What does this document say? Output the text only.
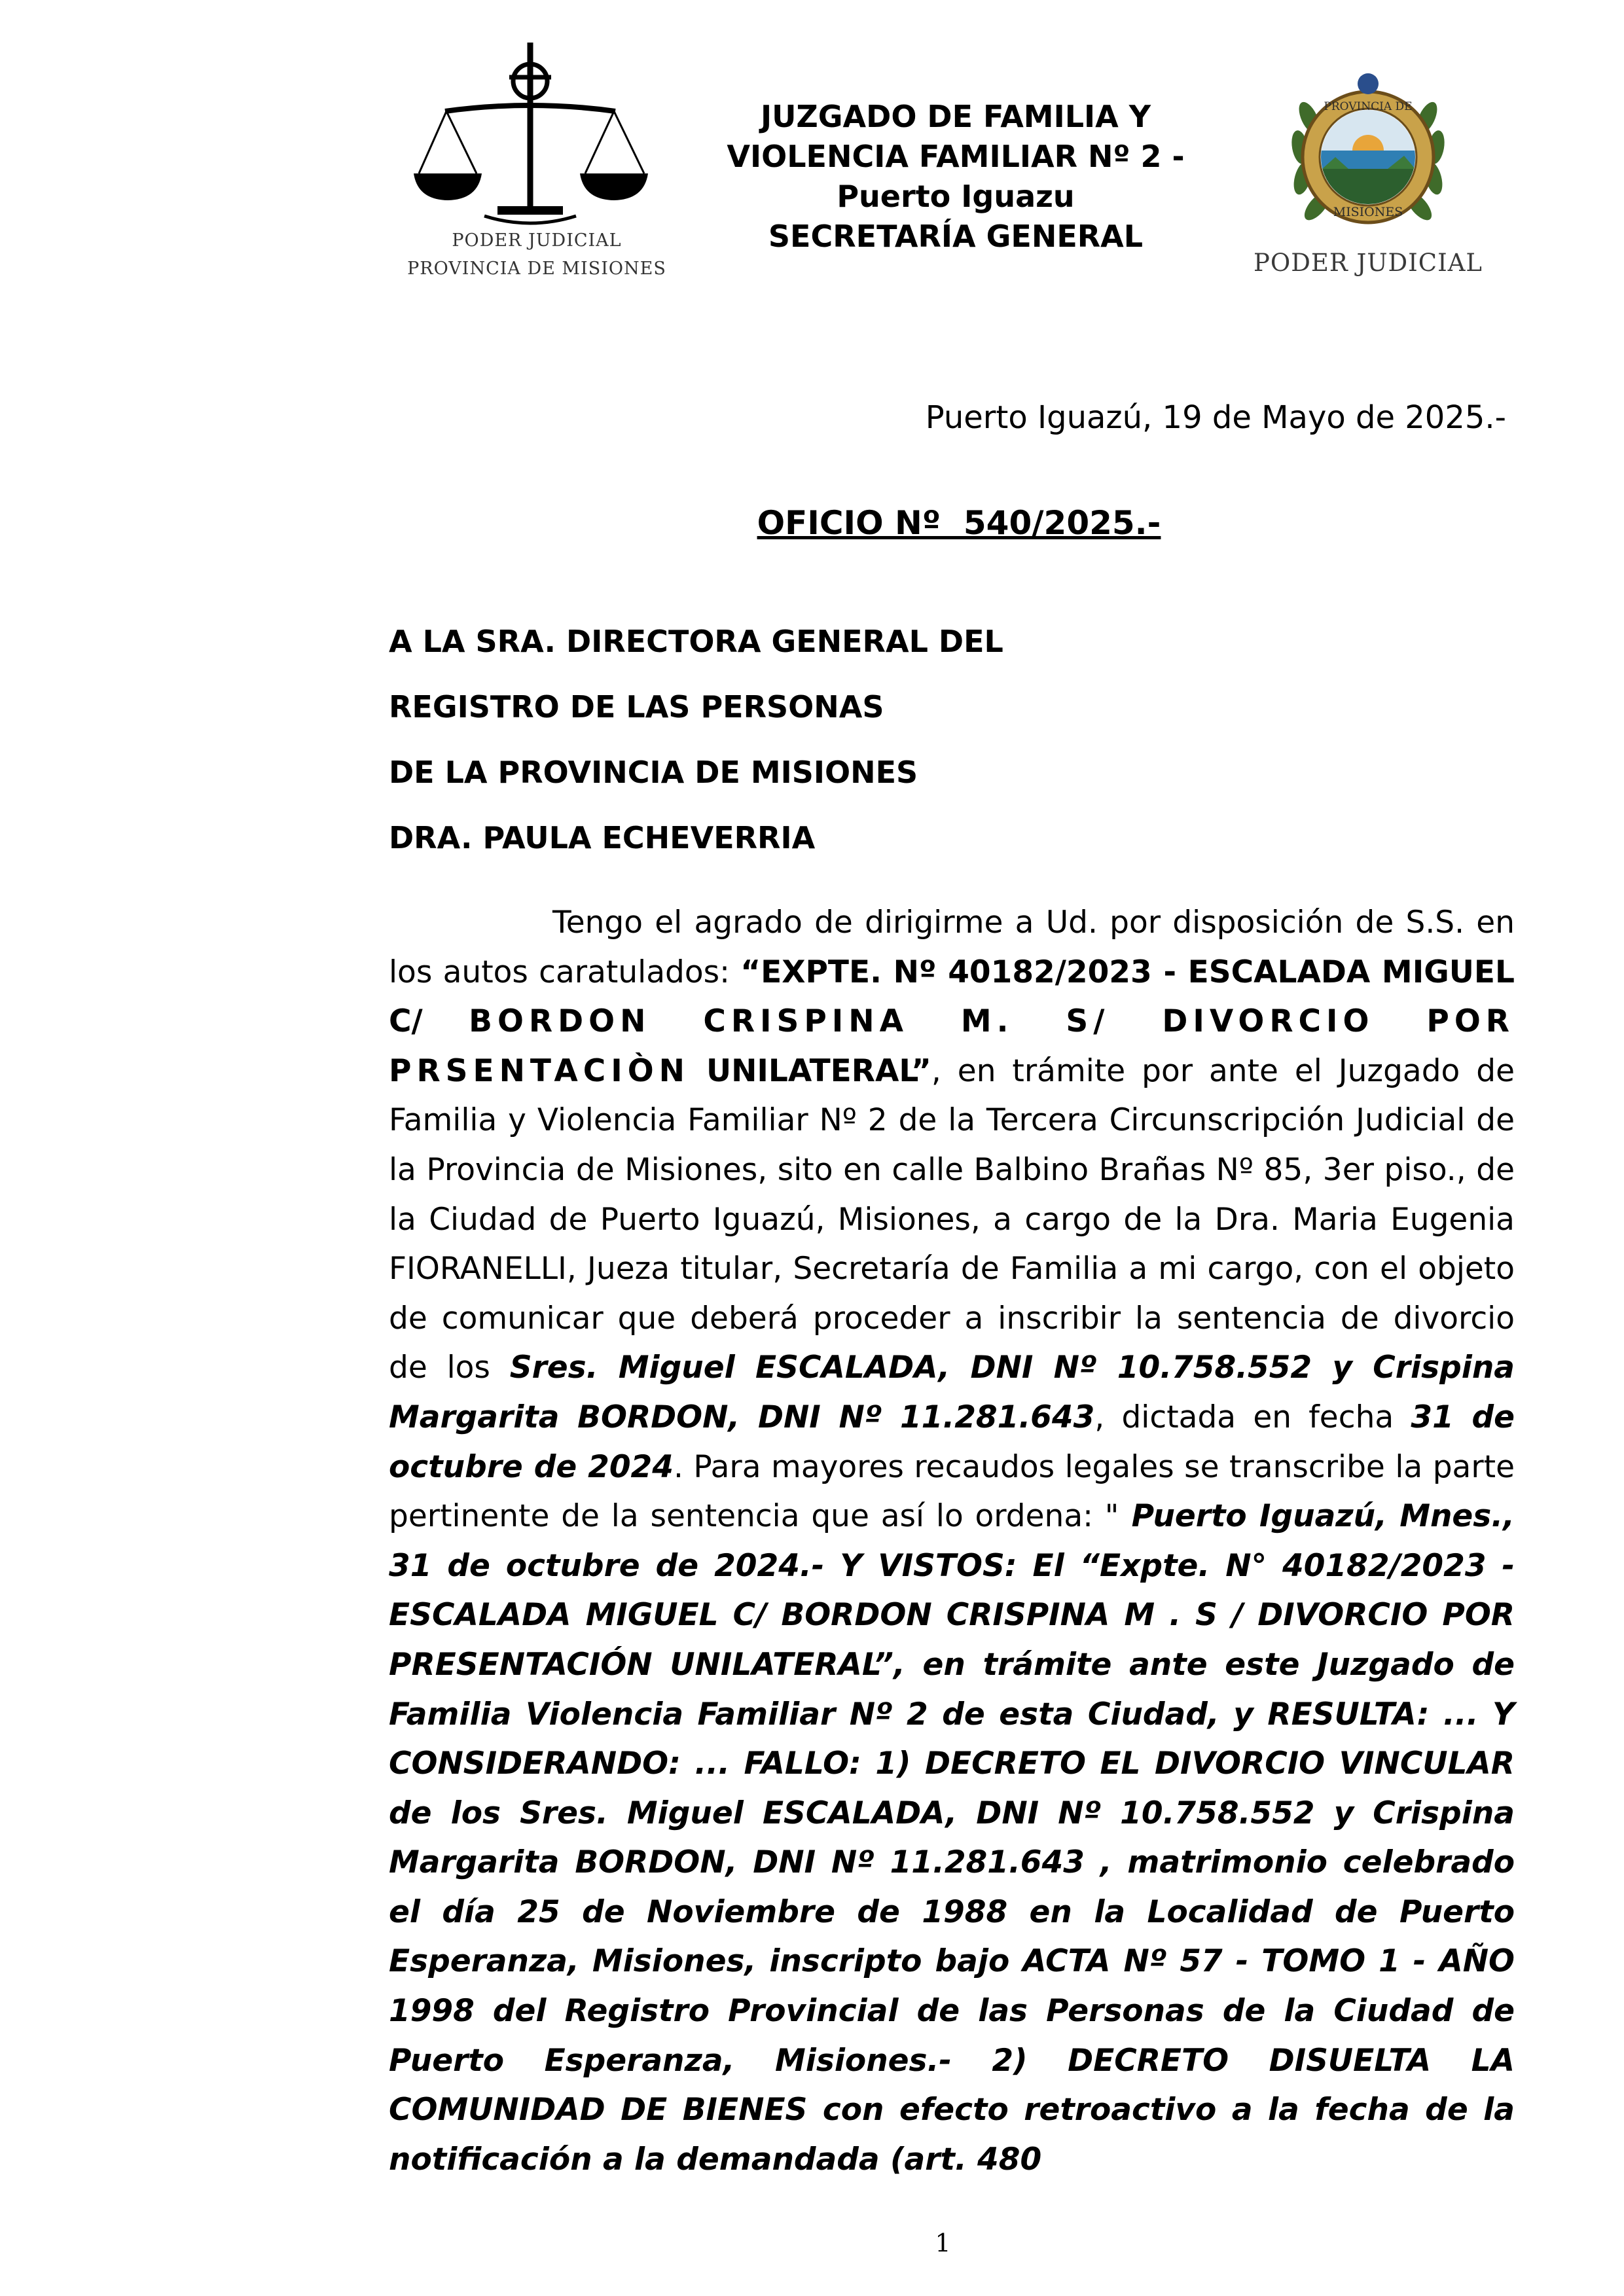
PODER JUDICIAL
PROVINCIA DE MISIONES
JUZGADO DE FAMILIA Y
VIOLENCIA FAMILIAR Nº 2 -
Puerto Iguazu
SECRETARÍA GENERAL
PROVINCIA DE
MISIONES
PODER JUDICIAL
Puerto Iguazú, 19 de Mayo de 2025.-
OFICIO Nº  540/2025.-
A LA SRA. DIRECTORA GENERAL DEL
REGISTRO DE LAS PERSONAS
DE LA PROVINCIA DE MISIONES
DRA. PAULA ECHEVERRIA
Tengo el agrado de dirigirme a Ud. por disposición de S.S. en los autos caratulados: “EXPTE. Nº 40182/2023 - ESCALADA MIGUEL C/ BORDON CRISPINA M. S/ DIVORCIO POR PRSENTACIÒN UNILATERAL”, en trámite por ante el Juzgado de Familia y Violencia Familiar Nº 2 de la Tercera Circunscripción Judicial de la Provincia de Misiones, sito en calle Balbino Brañas Nº 85, 3er piso., de la Ciudad de Puerto Iguazú, Misiones, a cargo de la Dra. Maria Eugenia FIORANELLI, Jueza titular, Secretaría de Familia a mi cargo, con el objeto de comunicar que deberá proceder a inscribir la sentencia de divorcio de los Sres. Miguel ESCALADA, DNI Nº 10.758.552 y Crispina Margarita BORDON, DNI Nº 11.281.643, dictada en fecha 31 de octubre de 2024. Para mayores recaudos legales se transcribe la parte pertinente de la sentencia que así lo ordena: " Puerto Iguazú, Mnes., 31 de octubre de 2024.- Y VISTOS: El “Expte. N° 40182/2023 - ESCALADA MIGUEL C/ BORDON CRISPINA M . S / DIVORCIO POR PRESENTACIÓN UNILATERAL”, en trámite ante este Juzgado de Familia Violencia Familiar Nº 2 de esta Ciudad, y RESULTA: ... Y CONSIDERANDO: ... FALLO: 1) DECRETO EL DIVORCIO VINCULAR de los Sres. Miguel ESCALADA, DNI Nº 10.758.552 y Crispina Margarita BORDON, DNI Nº 11.281.643 , matrimonio celebrado el día 25 de Noviembre de 1988 en la Localidad de Puerto Esperanza, Misiones, inscripto bajo ACTA Nº 57 - TOMO 1 - AÑO 1998 del Registro Provincial de las Personas de la Ciudad de Puerto Esperanza, Misiones.- 2) DECRETO DISUELTA LA COMUNIDAD DE BIENES con efecto retroactivo a la fecha de la notificación a la demandada (art. 480
1
